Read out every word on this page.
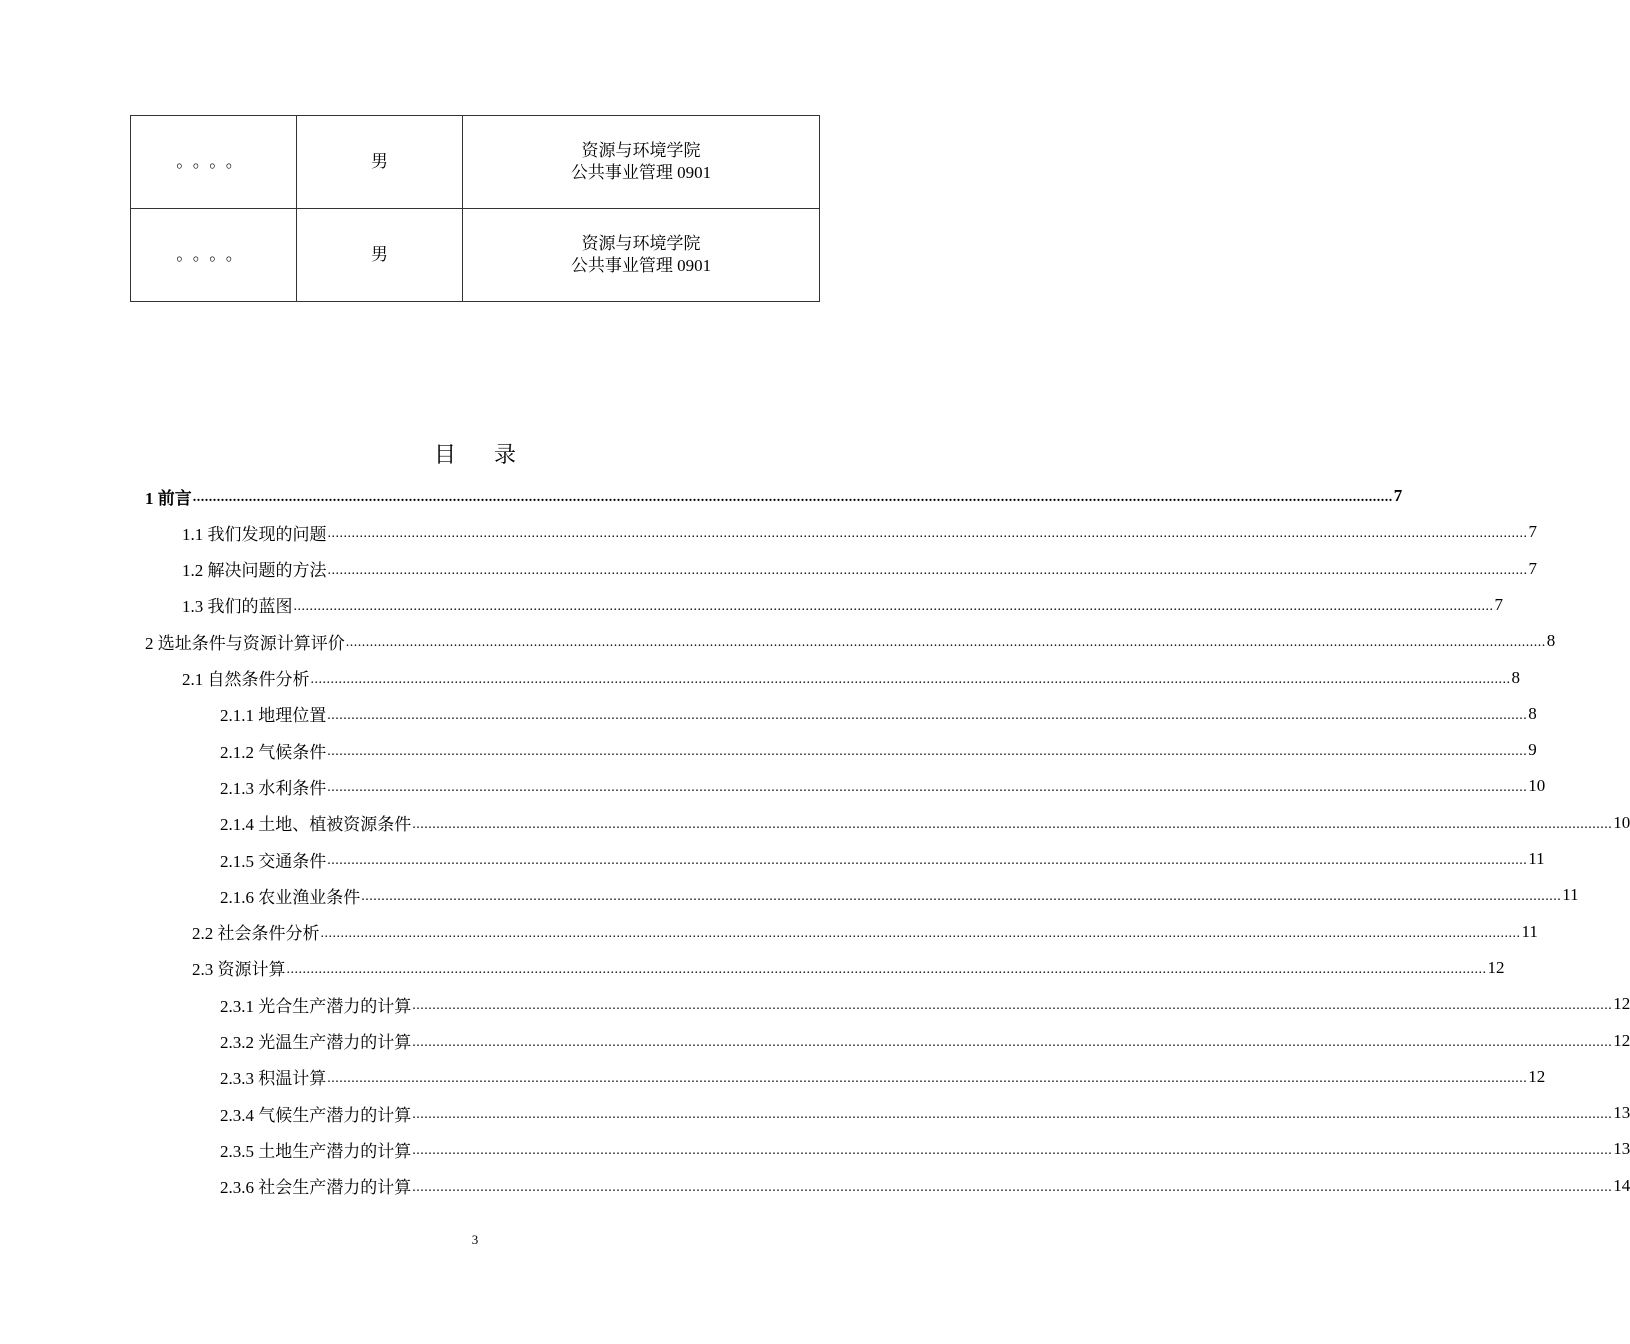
。。。。	男	资源与环境学院
公共事业管理 0901

。。。。	男	资源与环境学院
公共事业管理 0901
目 录
1 前言 ............................................................................................................................................................................................................................................................................................................ 7
1.1 我们发现的问题 ............................................................................................................................................................................................................................................................................................................ 7
1.2 解决问题的方法 ............................................................................................................................................................................................................................................................................................................ 7
1.3 我们的蓝图 ............................................................................................................................................................................................................................................................................................................ 7
2 选址条件与资源计算评价 ............................................................................................................................................................................................................................................................................................................ 8
2.1 自然条件分析 ............................................................................................................................................................................................................................................................................................................ 8
2.1.1 地理位置 ............................................................................................................................................................................................................................................................................................................ 8
2.1.2 气候条件 ............................................................................................................................................................................................................................................................................................................ 9
2.1.3 水利条件 ............................................................................................................................................................................................................................................................................................................ 10
2.1.4 土地、植被资源条件 ............................................................................................................................................................................................................................................................................................................ 10
2.1.5 交通条件 ............................................................................................................................................................................................................................................................................................................ 11
2.1.6 农业渔业条件 ............................................................................................................................................................................................................................................................................................................ 11
2.2 社会条件分析 ............................................................................................................................................................................................................................................................................................................ 11
2.3 资源计算 ............................................................................................................................................................................................................................................................................................................ 12
2.3.1 光合生产潜力的计算 ............................................................................................................................................................................................................................................................................................................ 12
2.3.2 光温生产潜力的计算 ............................................................................................................................................................................................................................................................................................................ 12
2.3.3 积温计算 ............................................................................................................................................................................................................................................................................................................ 12
2.3.4 气候生产潜力的计算 ............................................................................................................................................................................................................................................................................................................ 13
2.3.5 土地生产潜力的计算 ............................................................................................................................................................................................................................................................................................................ 13
2.3.6 社会生产潜力的计算 ............................................................................................................................................................................................................................................................................................................ 14
3
